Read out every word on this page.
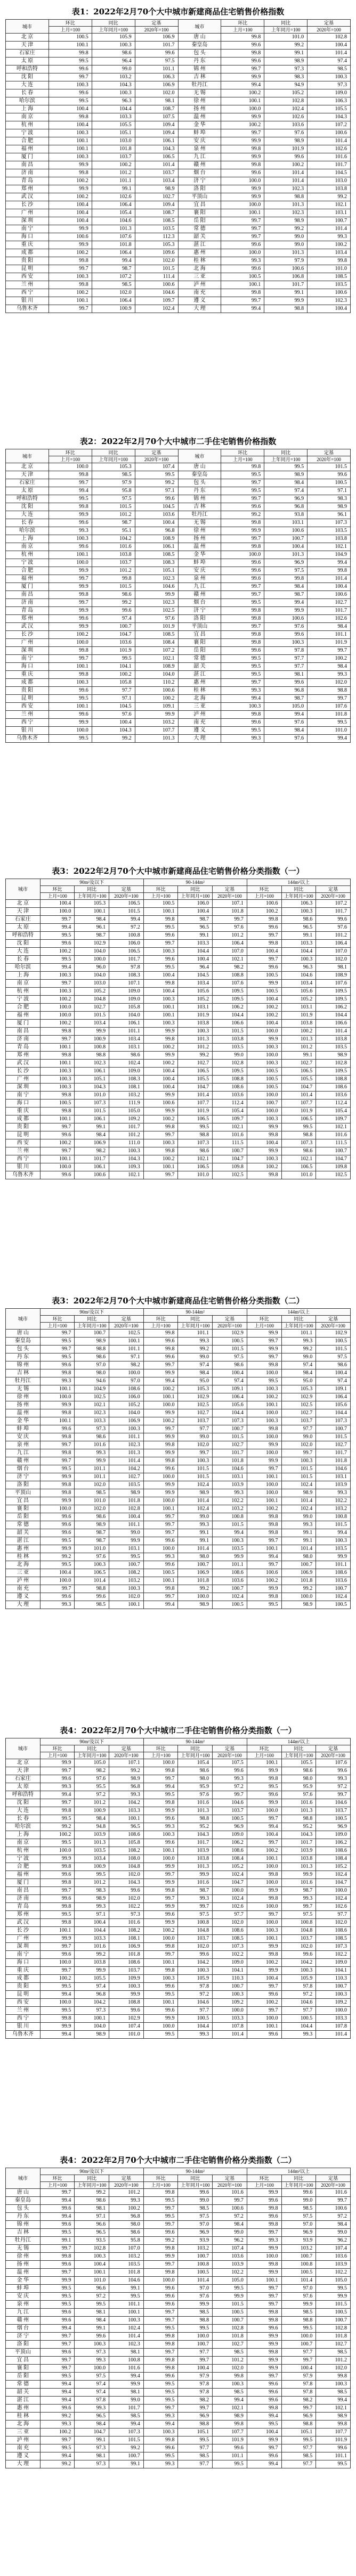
表1：2022年2月70个大中城市新建商品住宅销售价格指数
城市	环比	同比	定基	城市	环比	同比	定基
	上月=100	上年同月=100	2020年=100		上月=100	上年同月=100	2020年=100
北 京	100.5	105.9	106.9	唐 山	99.8	101.0	102.8
天 津	100.1	100.3	101.7	秦皇岛	99.6	99.2	100.4
石家庄	99.8	98.6	99.6	包 头	99.8	99.1	101.4
太 原	99.5	96.4	97.5	丹 东	99.6	98.9	97.4
呼和浩特	99.6	99.0	101.1	锦 州	99.7	97.3	98.5
沈 阳	99.7	103.2	106.3	吉 林	99.9	98.3	100.3
大 连	100.3	104.3	106.9	牡丹江	99.4	94.9	97.3
长 春	99.6	100.3	102.0	无 锡	100.2	105.2	109.0
哈尔滨	99.5	96.3	98.1	徐 州	100.1	102.8	106.3
上 海	100.4	104.4	108.7	扬 州	100.0	102.4	105.5
南 京	99.8	103.3	107.5	温 州	99.9	102.6	104.3
杭 州	100.4	105.5	109.4	金 华	100.2	103.6	107.2
宁 波	100.3	105.1	109.4	蚌 埠	99.7	97.6	100.6
合 肥	100.1	103.0	106.1	安 庆	99.9	98.9	101.4
福 州	100.1	101.8	104.3	泉 州	99.8	101.9	102.6
厦 门	100.3	103.7	106.5	九 江	99.9	99.6	101.6
南 昌	99.9	100.2	101.4	赣 州	99.8	100.2	101.7
济 南	99.8	101.2	103.7	烟 台	99.6	101.4	104.5
青 岛	100.2	101.1	103.4	济 宁	100.0	101.4	103.0
郑 州	99.9	99.1	98.9	洛 阳	99.9	102.3	103.8
武 汉	100.2	102.6	102.7	平顶山	99.9	98.8	99.2
长 沙	100.4	106.4	109.4	宜 昌	100.0	101.3	102.1
广 州	100.4	105.4	108.7	襄 阳	100.1	102.3	103.1
深 圳	100.4	104.6	108.5	岳 阳	99.7	98.9	100.7
南 宁	99.9	101.3	103.5	常 德	99.7	99.2	101.4
海 口	100.6	107.6	112.3	韶 关	99.7	99.0	99.3
重 庆	99.9	101.8	105.3	湛 江	99.6	99.0	100.2
成 都	100.2	106.4	109.6	惠 州	100.0	101.3	103.4
贵 阳	99.8	99.4	102.0	桂 林	99.3	97.9	99.8
昆 明	99.7	98.7	101.5	北 海	99.6	100.6	101.0
西 安	100.3	107.2	111.4	三 亚	100.5	106.8	108.5
兰 州	99.8	98.5	100.6	泸 州	100.1	101.7	103.5
西 宁	100.2	102.0	104.6	南 充	99.8	99.1	100.6
银 川	100.1	106.4	109.7	遵 义	99.7	99.9	102.3
乌鲁木齐	99.7	100.9	102.4	大 理	99.4	98.8	100.4
表2：2022年2月70个大中城市二手住宅销售价格指数
城市	环比	同比	定基	城市	环比	同比	定基
	上月=100	上年同月=100	2020年=100		上月=100	上年同月=100	2020年=100
北 京	100.0	105.3	107.4	唐 山	99.8	99.5	101.5
天 津	99.8	98.5	99.5	秦皇岛	99.5	98.9	99.6
石家庄	99.7	97.9	99.2	包 头	99.7	98.4	100.5
太 原	99.4	95.8	97.1	丹 东	99.5	97.4	97.1
呼和浩特	99.5	97.5	99.6	锦 州	99.7	96.9	98.3
沈 阳	99.8	101.5	104.5	吉 林	99.6	96.8	98.9
大 连	99.9	101.2	103.6	牡丹江	99.2	93.8	96.1
长 春	99.6	98.7	100.4	无 锡	99.8	103.1	107.3
哈尔滨	99.3	95.1	96.8	徐 州	99.9	100.6	103.5
上 海	100.3	104.2	108.9	扬 州	99.7	100.7	103.8
南 京	99.6	101.6	106.1	温 州	99.8	100.4	102.1
杭 州	100.1	103.8	108.5	金 华	100.0	101.3	104.9
宁 波	100.0	103.7	108.3	蚌 埠	99.6	96.9	99.4
合 肥	99.9	101.2	105.1	安 庆	99.6	97.5	99.8
福 州	99.7	99.8	102.3	泉 州	99.6	99.8	101.4
厦 门	99.9	101.5	104.6	九 江	99.7	98.4	100.4
南 昌	99.8	98.6	99.9	赣 州	99.7	98.7	100.6
济 南	99.7	99.2	102.3	烟 台	99.5	99.4	102.7
青 岛	99.9	99.6	102.5	济 宁	99.8	99.9	101.7
郑 州	99.6	97.4	97.6	洛 阳	99.8	100.6	102.6
武 汉	99.9	100.7	101.9	平顶山	99.7	97.6	98.4
长 沙	100.2	104.7	108.5	宜 昌	99.8	99.6	101.1
广 州	100.0	103.6	108.4	襄 阳	99.8	100.3	101.9
深 圳	99.8	101.9	107.2	岳 阳	99.6	97.8	99.7
南 宁	99.7	99.5	102.1	常 德	99.5	97.7	100.2
海 口	100.1	104.1	108.9	韶 关	99.5	97.7	98.4
重 庆	99.8	100.2	104.0	湛 江	99.5	98.1	99.3
成 都	100.3	105.8	110.2	惠 州	99.7	99.6	102.0
贵 阳	99.6	97.7	100.6	桂 林	99.3	96.8	98.8
昆 明	99.5	97.1	100.2	北 海	99.4	98.7	99.7
西 安	100.1	104.5	109.1	三 亚	100.3	105.0	107.6
兰 州	99.6	97.6	99.9	泸 州	99.8	99.4	101.8
西 宁	99.9	100.4	103.2	南 充	99.6	97.6	99.5
银 川	100.0	104.3	107.7	遵 义	99.5	98.4	101.0
乌鲁木齐	99.5	99.2	101.3	大 理	99.3	97.6	99.4
表3：2022年2月70个大中城市新建商品住宅销售价格分类指数（一）
城市	90m²及以下			90-144m²			144m²以上		
	环比	同比	定基	环比	同比	定基	环比	同比	定基
	上月=100	上年同月=100	2020年=100	上月=100	上年同月=100	2020年=100	上月=100	上年同月=100	2020年=100
北 京	100.4	105.3	106.5	100.5	106.0	107.1	100.6	106.3	107.2
天 津	100.0	100.1	101.5	100.1	100.4	101.8	100.2	100.3	101.7
石家庄	99.7	98.4	99.4	99.8	98.7	99.7	99.8	98.6	99.6
太 原	99.4	96.1	97.2	99.5	96.5	97.6	99.6	96.5	97.6
呼和浩特	99.5	98.7	100.8	99.6	99.1	101.2	99.7	99.1	101.2
沈 阳	99.6	102.9	106.0	99.7	103.3	106.4	99.8	103.3	106.4
大 连	100.2	104.0	106.5	100.3	104.4	107.0	100.4	104.4	107.0
长 春	99.5	100.0	101.7	99.6	100.4	102.1	99.7	100.3	102.0
哈尔滨	99.4	96.0	97.8	99.5	96.4	98.2	99.6	96.3	98.1
上 海	100.3	104.0	108.3	100.4	104.5	108.8	100.5	104.6	108.9
南 京	99.7	103.0	107.1	99.8	103.4	107.6	99.9	103.4	107.6
杭 州	100.3	105.2	109.0	100.4	105.6	109.5	100.5	105.6	109.5
宁 波	100.2	104.8	109.0	100.3	105.2	109.5	100.4	105.2	109.5
合 肥	100.0	102.7	105.8	100.1	103.1	106.2	100.2	103.1	106.2
福 州	100.0	101.5	104.0	100.1	101.9	104.4	100.2	101.9	104.4
厦 门	100.2	103.4	106.1	100.3	103.8	106.6	100.4	103.8	106.6
南 昌	99.8	99.9	101.1	99.9	100.3	101.5	100.0	100.2	101.4
济 南	99.7	100.9	103.4	99.8	101.3	103.8	99.9	101.3	103.8
青 岛	100.1	100.8	103.1	100.2	101.2	103.5	100.3	101.2	103.5
郑 州	99.8	98.8	98.6	99.9	99.2	99.0	100.0	99.1	98.9
武 汉	100.1	102.3	102.4	100.2	102.7	102.8	100.3	102.7	102.8
长 沙	100.3	106.1	109.0	100.4	106.5	109.5	100.5	106.5	109.5
广 州	100.3	105.1	108.3	100.4	105.5	108.8	100.5	105.5	108.8
深 圳	100.3	104.3	108.1	100.4	104.7	108.6	100.5	104.7	108.6
南 宁	99.8	101.0	103.2	99.9	101.4	103.6	100.0	101.4	103.6
海 口	100.5	107.3	111.9	100.6	107.7	112.4	100.7	107.7	112.4
重 庆	99.8	101.5	105.0	99.9	101.9	105.4	100.0	101.9	105.4
成 都	100.1	106.1	109.2	100.2	106.5	109.7	100.3	106.5	109.7
贵 阳	99.7	99.1	101.7	99.8	99.5	102.1	99.9	99.5	102.1
昆 明	99.6	98.4	101.2	99.7	98.8	101.6	99.8	98.8	101.6
西 安	100.2	106.9	111.0	100.3	107.3	111.5	100.4	107.3	111.5
兰 州	99.7	98.2	100.3	99.8	98.6	100.7	99.9	98.6	100.7
西 宁	100.1	101.7	104.3	100.2	102.1	104.7	100.3	102.1	104.7
银 川	100.0	106.1	109.3	100.1	106.5	109.8	100.2	106.5	109.8
乌鲁木齐	99.6	100.6	102.1	99.7	101.0	102.5	99.8	101.0	102.5
表3：2022年2月70个大中城市新建商品住宅销售价格分类指数（二）
城市	90m²及以下			90-144m²			144m²以上		
	环比	同比	定基	环比	同比	定基	环比	同比	定基
	上月=100	上年同月=100	2020年=100	上月=100	上年同月=100	2020年=100	上月=100	上年同月=100	2020年=100
唐 山	99.7	100.7	102.5	99.8	101.1	102.9	99.9	101.1	102.9
秦皇岛	99.5	98.9	100.1	99.6	99.3	100.5	99.7	99.3	100.5
包 头	99.7	98.8	101.1	99.8	99.2	101.5	99.9	99.2	101.5
丹 东	99.5	98.6	97.1	99.6	99.0	97.5	99.7	99.0	97.5
锦 州	99.6	97.0	98.2	99.7	97.4	98.6	99.8	97.4	98.6
吉 林	99.8	98.0	100.0	99.9	98.4	100.4	100.0	98.4	100.4
牡丹江	99.3	94.6	97.0	99.4	95.0	97.4	99.5	95.0	97.4
无 锡	100.1	104.9	108.6	100.2	105.3	109.1	100.3	105.3	109.1
徐 州	100.0	102.5	106.0	100.1	102.9	106.4	100.2	102.9	106.4
扬 州	99.9	102.1	105.2	100.0	102.5	105.6	100.1	102.5	105.6
温 州	99.8	102.3	104.0	99.9	102.7	104.4	100.0	102.7	104.4
金 华	100.1	103.3	106.9	100.2	103.7	107.3	100.3	103.7	107.3
蚌 埠	99.6	97.3	100.3	99.7	97.7	100.7	99.8	97.7	100.7
安 庆	99.8	98.6	101.1	99.9	99.0	101.5	100.0	99.0	101.5
泉 州	99.7	101.6	102.3	99.8	102.0	102.7	99.9	102.0	102.7
九 江	99.8	99.3	101.3	99.9	99.7	101.7	100.0	99.7	101.7
赣 州	99.7	99.9	101.4	99.8	100.3	101.8	99.9	100.3	101.8
烟 台	99.5	101.1	104.2	99.6	101.5	104.6	99.7	101.5	104.6
济 宁	99.9	101.1	102.7	100.0	101.5	103.1	100.1	101.5	103.1
洛 阳	99.8	102.0	103.5	99.9	102.4	103.9	100.0	102.4	103.9
平顶山	99.8	98.5	98.9	99.9	98.9	99.3	100.0	98.9	99.3
宜 昌	99.9	101.0	101.8	100.0	101.4	102.2	100.1	101.4	102.2
襄 阳	100.0	102.0	102.8	100.1	102.4	103.2	100.2	102.4	103.2
岳 阳	99.6	98.6	100.4	99.7	99.0	100.8	99.8	99.0	100.8
常 德	99.6	98.9	101.1	99.7	99.3	101.5	99.8	99.3	101.5
韶 关	99.6	98.7	99.0	99.7	99.1	99.4	99.8	99.1	99.4
湛 江	99.5	98.7	99.9	99.6	99.1	100.3	99.7	99.1	100.3
惠 州	99.9	101.0	103.1	100.0	101.4	103.5	100.1	101.4	103.5
桂 林	99.2	97.6	99.5	99.3	98.0	99.9	99.4	98.0	99.9
北 海	99.5	100.3	100.7	99.6	100.7	101.1	99.7	100.7	101.1
三 亚	100.4	106.5	108.2	100.5	106.9	108.6	100.6	106.9	108.6
泸 州	100.0	101.4	103.2	100.1	101.8	103.6	100.2	101.8	103.6
南 充	99.7	98.8	100.3	99.8	99.2	100.7	99.9	99.2	100.7
遵 义	99.6	99.6	102.0	99.7	100.0	102.4	99.8	100.0	102.4
大 理	99.3	98.5	100.1	99.4	98.9	100.5	99.5	98.9	100.5
表4：2022年2月70个大中城市二手住宅销售价格分类指数（一）
城市	90m²及以下			90-144m²			144m²以上		
	环比	同比	定基	环比	同比	定基	环比	同比	定基
	上月=100	上年同月=100	2020年=100	上月=100	上年同月=100	2020年=100	上月=100	上年同月=100	2020年=100
北 京	99.9	105.0	107.1	100.0	105.4	107.5	100.1	105.5	107.6
天 津	99.7	98.2	99.2	99.8	98.6	99.6	99.9	98.6	99.6
石家庄	99.6	97.6	98.9	99.7	98.0	99.3	99.8	98.0	99.3
太 原	99.3	95.5	96.8	99.4	95.9	97.2	99.5	95.9	97.2
呼和浩特	99.4	97.2	99.3	99.5	97.6	99.7	99.6	97.6	99.7
沈 阳	99.7	101.2	104.2	99.8	101.6	104.6	99.9	101.6	104.6
大 连	99.8	100.9	103.3	99.9	101.3	103.7	100.0	101.3	103.7
长 春	99.5	98.4	100.1	99.6	98.8	100.5	99.7	98.8	100.5
哈尔滨	99.2	94.8	96.5	99.3	95.2	96.9	99.4	95.2	96.9
上 海	100.2	103.9	108.6	100.3	104.3	109.0	100.4	104.3	109.0
南 京	99.5	101.3	105.8	99.6	101.7	106.2	99.7	101.7	106.2
杭 州	100.0	103.5	108.2	100.1	103.9	108.6	100.2	103.9	108.6
宁 波	99.9	103.4	108.0	100.0	103.8	108.4	100.1	103.8	108.4
合 肥	99.8	100.9	104.8	99.9	101.3	105.2	100.0	101.3	105.2
福 州	99.6	99.5	102.0	99.7	99.9	102.4	99.8	99.9	102.4
厦 门	99.8	101.2	104.3	99.9	101.6	104.7	100.0	101.6	104.7
南 昌	99.7	98.3	99.6	99.8	98.7	100.0	99.9	98.7	100.0
济 南	99.6	98.9	102.0	99.7	99.3	102.4	99.8	99.3	102.4
青 岛	99.8	99.3	102.2	99.9	99.7	102.6	100.0	99.7	102.6
郑 州	99.5	97.1	97.3	99.6	97.5	97.7	99.7	97.5	97.7
武 汉	99.8	100.4	101.6	99.9	100.8	102.0	100.0	100.8	102.0
长 沙	100.1	104.4	108.2	100.2	104.8	108.6	100.3	104.8	108.6
广 州	99.9	103.3	108.1	100.0	103.7	108.5	100.1	103.7	108.5
深 圳	99.7	101.6	106.9	99.8	102.0	107.3	99.9	102.0	107.3
南 宁	99.6	99.2	101.8	99.7	99.6	102.2	99.8	99.6	102.2
海 口	100.0	103.8	108.6	100.1	104.2	109.0	100.2	104.2	109.0
重 庆	99.7	99.9	103.7	99.8	100.3	104.1	99.9	100.3	104.1
成 都	100.2	105.5	109.9	100.3	105.9	110.3	100.4	105.9	110.3
贵 阳	99.5	97.4	100.3	99.6	97.8	100.7	99.7	97.8	100.7
昆 明	99.4	96.8	99.9	99.5	97.2	100.3	99.6	97.2	100.3
西 安	100.0	104.2	108.8	100.1	104.6	109.2	100.2	104.6	109.2
兰 州	99.5	97.3	99.6	99.6	97.7	100.0	99.7	97.7	100.0
西 宁	99.8	100.1	102.9	99.9	100.5	103.3	100.0	100.5	103.3
银 川	99.9	104.0	107.4	100.0	104.4	107.8	100.1	104.4	107.8
乌鲁木齐	99.4	98.9	101.0	99.5	99.3	101.4	99.6	99.3	101.4
表4：2022年2月70个大中城市二手住宅销售价格分类指数（二）
城市	90m²及以下			90-144m²			144m²以上		
	环比	同比	定基	环比	同比	定基	环比	同比	定基
	上月=100	上年同月=100	2020年=100	上月=100	上年同月=100	2020年=100	上月=100	上年同月=100	2020年=100
唐 山	99.7	99.2	101.2	99.8	99.6	101.6	99.9	99.6	101.6
秦皇岛	99.4	98.6	99.3	99.5	99.0	99.7	99.6	99.0	99.7
包 头	99.6	98.1	100.2	99.7	98.5	100.6	99.8	98.5	100.6
丹 东	99.4	97.1	96.8	99.5	97.5	97.2	99.6	97.5	97.2
锦 州	99.6	96.6	98.0	99.7	97.0	98.4	99.8	97.0	98.4
吉 林	99.5	96.5	98.6	99.6	96.9	99.0	99.7	96.9	99.0
牡丹江	99.1	93.5	95.8	99.2	93.9	96.2	99.3	93.9	96.2
无 锡	99.7	102.8	107.0	99.8	103.2	107.4	99.9	103.2	107.4
徐 州	99.8	100.3	103.2	99.9	100.7	103.6	100.0	100.7	103.6
扬 州	99.6	100.4	103.5	99.7	100.8	103.9	99.8	100.8	103.9
温 州	99.7	100.1	101.8	99.8	100.5	102.2	99.9	100.5	102.2
金 华	99.9	101.0	104.6	100.0	101.4	105.0	100.1	101.4	105.0
蚌 埠	99.5	96.6	99.1	99.6	97.0	99.5	99.7	97.0	99.5
安 庆	99.5	97.2	99.5	99.6	97.6	99.9	99.7	97.6	99.9
泉 州	99.5	99.5	101.1	99.6	99.9	101.5	99.7	99.9	101.5
九 江	99.6	98.1	100.1	99.7	98.5	100.5	99.8	98.5	100.5
赣 州	99.6	98.4	100.3	99.7	98.8	100.7	99.8	98.8	100.7
烟 台	99.4	99.1	102.4	99.5	99.5	102.8	99.6	99.5	102.8
济 宁	99.7	99.6	101.4	99.8	100.0	101.8	99.9	100.0	101.8
洛 阳	99.7	100.3	102.3	99.8	100.7	102.7	99.9	100.7	102.7
平顶山	99.6	97.3	98.1	99.7	97.7	98.5	99.8	97.7	98.5
宜 昌	99.7	99.3	100.8	99.8	99.7	101.2	99.9	99.7	101.2
襄 阳	99.7	100.0	101.6	99.8	100.4	102.0	99.9	100.4	102.0
岳 阳	99.5	97.5	99.4	99.6	97.9	99.8	99.7	97.9	99.8
常 德	99.4	97.4	99.9	99.5	97.8	100.3	99.6	97.8	100.3
韶 关	99.4	97.4	98.1	99.5	97.8	98.5	99.6	97.8	98.5
湛 江	99.4	97.8	99.0	99.5	98.2	99.4	99.6	98.2	99.4
惠 州	99.6	99.3	101.7	99.7	99.7	102.1	99.8	99.7	102.1
桂 林	99.2	96.5	98.5	99.3	96.9	98.9	99.4	96.9	98.9
北 海	99.3	98.4	99.4	99.4	98.8	99.8	99.5	98.8	99.8
三 亚	100.2	104.7	107.3	100.3	105.1	107.7	100.4	105.1	107.7
泸 州	99.7	99.1	101.5	99.8	99.5	101.9	99.9	99.5	101.9
南 充	99.5	97.3	99.2	99.6	97.7	99.6	99.7	97.7	99.6
遵 义	99.4	98.1	100.7	99.5	98.5	101.1	99.6	98.5	101.1
大 理	99.2	97.3	99.1	99.3	97.7	99.5	99.4	97.7	99.5
